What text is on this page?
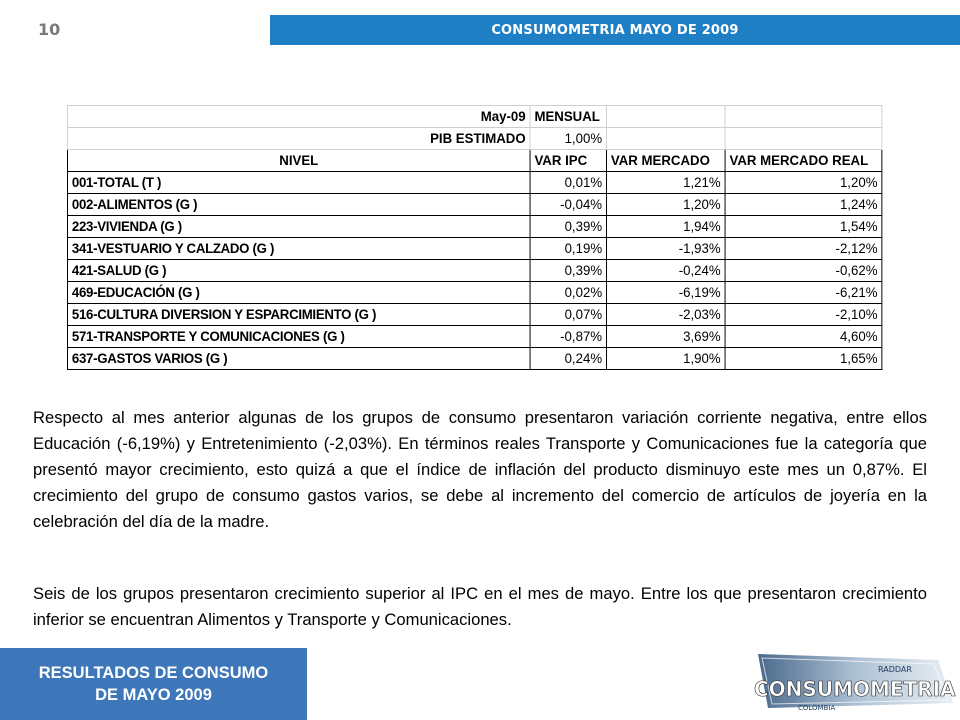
10	CONSUMOMETRIA MAYO DE 2009
May-09	MENSUAL		
PIB ESTIMADO	1,00%		
NIVEL	VAR IPC	VAR MERCADO	VAR MERCADO REAL
001-TOTAL (T )	0,01%	1,21%	1,20%
002-ALIMENTOS (G )	-0,04%	1,20%	1,24%
223-VIVIENDA (G )	0,39%	1,94%	1,54%
341-VESTUARIO Y CALZADO (G )	0,19%	-1,93%	-2,12%
421-SALUD (G )	0,39%	-0,24%	-0,62%
469-EDUCACIÓN (G )	0,02%	-6,19%	-6,21%
516-CULTURA DIVERSION Y ESPARCIMIENTO (G )	0,07%	-2,03%	-2,10%
571-TRANSPORTE Y COMUNICACIONES (G )	-0,87%	3,69%	4,60%
637-GASTOS VARIOS (G )	0,24%	1,90%	1,65%

Respecto al mes anterior algunas de los grupos de consumo presentaron variación corriente negativa, entre ellos Educación (-6,19%) y Entretenimiento (-2,03%). En términos reales Transporte y Comunicaciones fue la categoría que presentó mayor crecimiento, esto quizá a que el índice de inflación del producto disminuyo este mes un 0,87%. El crecimiento del grupo de consumo gastos varios, se debe al incremento del comercio de artículos de joyería en la celebración del día de la madre.

Seis de los grupos presentaron crecimiento superior al IPC en el mes de mayo. Entre los que presentaron crecimiento inferior se encuentran Alimentos y Transporte y Comunicaciones.

RESULTADOS DE CONSUMO
DE MAYO 2009
RADDAR
CONSUMOMETRIA
COLOMBIA
